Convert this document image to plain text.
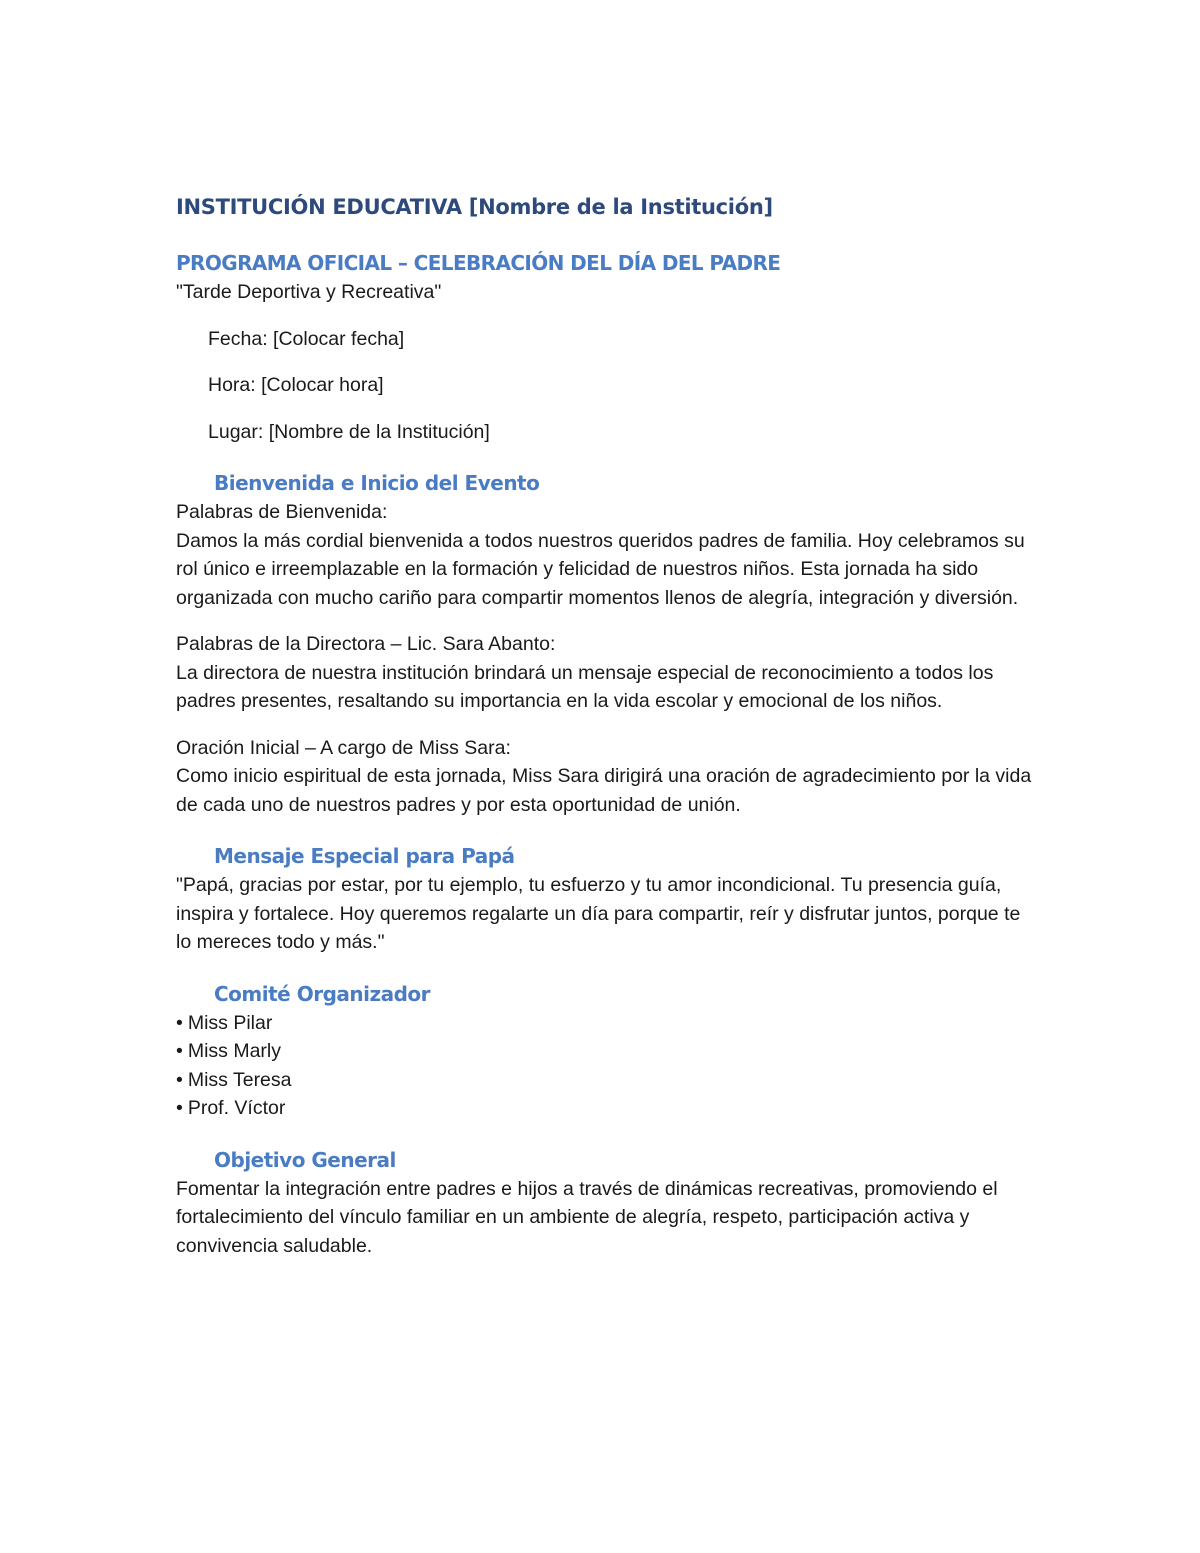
INSTITUCIÓN EDUCATIVA [Nombre de la Institución]
PROGRAMA OFICIAL – CELEBRACIÓN DEL DÍA DEL PADRE

"Tarde Deportiva y Recreativa"

Fecha: [Colocar fecha]

Hora: [Colocar hora]

Lugar: [Nombre de la Institución]

Bienvenida e Inicio del Evento

Palabras de Bienvenida:

Damos la más cordial bienvenida a todos nuestros queridos padres de familia. Hoy celebramos su rol único e irreemplazable en la formación y felicidad de nuestros niños. Esta jornada ha sido organizada con mucho cariño para compartir momentos llenos de alegría, integración y diversión.

Palabras de la Directora – Lic. Sara Abanto:

La directora de nuestra institución brindará un mensaje especial de reconocimiento a todos los padres presentes, resaltando su importancia en la vida escolar y emocional de los niños.

Oración Inicial – A cargo de Miss Sara:

Como inicio espiritual de esta jornada, Miss Sara dirigirá una oración de agradecimiento por la vida de cada uno de nuestros padres y por esta oportunidad de unión.

Mensaje Especial para Papá

"Papá, gracias por estar, por tu ejemplo, tu esfuerzo y tu amor incondicional. Tu presencia guía, inspira y fortalece. Hoy queremos regalarte un día para compartir, reír y disfrutar juntos, porque te lo mereces todo y más."

Comité Organizador
• Miss Pilar
• Miss Marly
• Miss Teresa
• Prof. Víctor
Objetivo General

Fomentar la integración entre padres e hijos a través de dinámicas recreativas, promoviendo el fortalecimiento del vínculo familiar en un ambiente de alegría, respeto, participación activa y convivencia saludable.
